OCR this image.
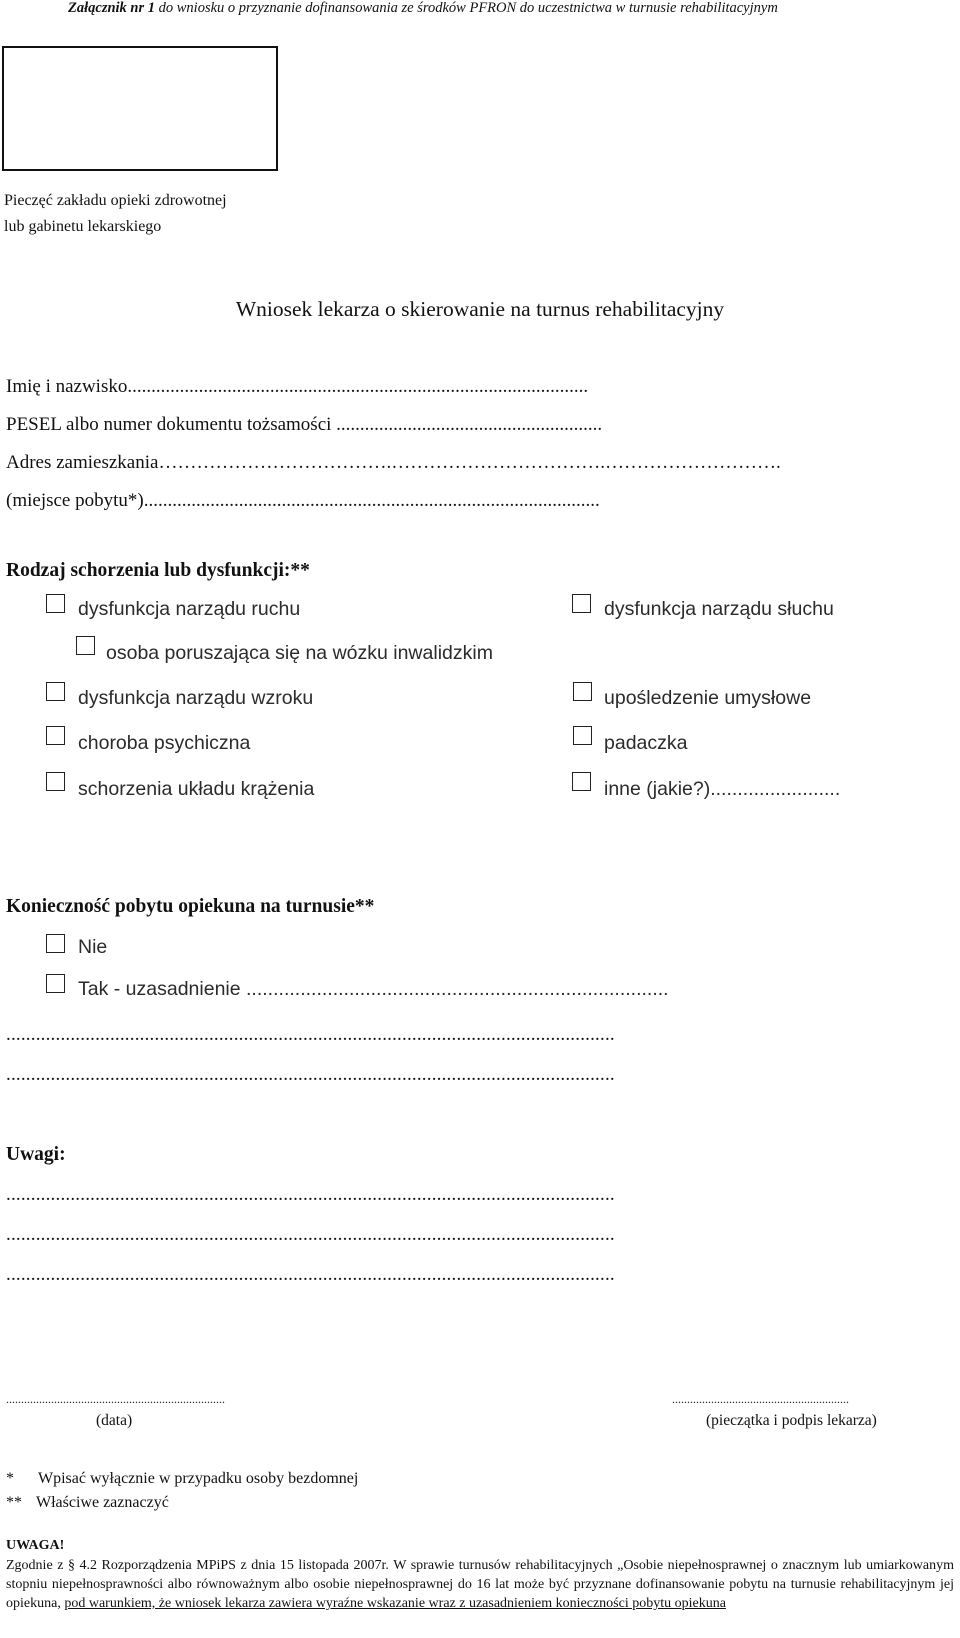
Załącznik nr 1 do wniosku o przyznanie dofinansowania ze środków PFRON do uczestnictwa w turnusie rehabilitacyjnym
Pieczęć zakładu opieki zdrowotnej
lub gabinetu lekarskiego
Wniosek lekarza o skierowanie na turnus rehabilitacyjny
Imię i nazwisko.................................................................................................
PESEL albo numer dokumentu tożsamości ........................................................
Adres zamieszkania……………………………….…………………………….……………………….
(miejsce pobytu*)................................................................................................
Rodzaj schorzenia lub dysfunkcji:**
dysfunkcja narządu ruchu
osoba poruszająca się na wózku inwalidzkim
dysfunkcja narządu wzroku
choroba psychiczna
schorzenia układu krążenia
dysfunkcja narządu słuchu
upośledzenie umysłowe
padaczka
inne (jakie?)........................
Konieczność pobytu opiekuna na turnusie**
Nie
Tak - uzasadnienie ..............................................................................
...........................................................................................................................
...........................................................................................................................
Uwagi:
...........................................................................................................................
...........................................................................................................................
...........................................................................................................................
.........................................................................
(data)
...........................................................
(pieczątka i podpis lekarza)
* Wpisać wyłącznie w przypadku osoby bezdomnej
** Właściwe zaznaczyć
UWAGA!
Zgodnie z § 4.2 Rozporządzenia MPiPS z dnia 15 listopada 2007r. W sprawie turnusów rehabilitacyjnych „Osobie niepełnosprawnej o znacznym lub umiarkowanym stopniu niepełnosprawności albo równoważnym albo osobie niepełnosprawnej do 16 lat może być przyznane dofinansowanie pobytu na turnusie rehabilitacyjnym jej opiekuna, pod warunkiem, że wniosek lekarza zawiera wyraźne wskazanie wraz z uzasadnieniem konieczności pobytu opiekuna
